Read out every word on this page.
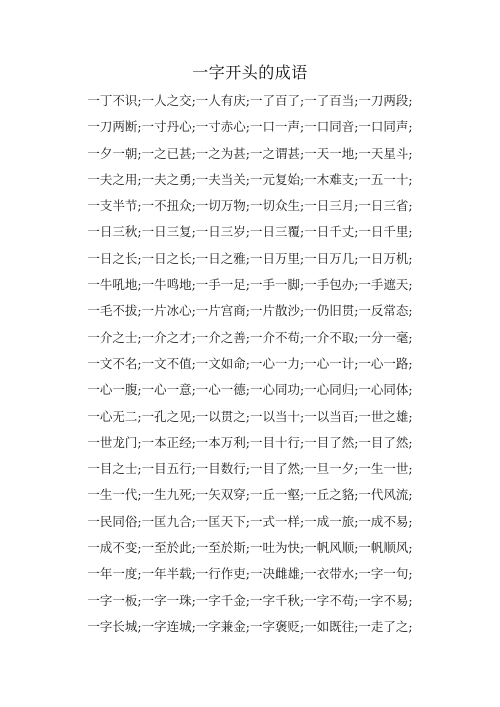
一字开头的成语
一丁不识;一人之交;一人有庆;一了百了;一了百当;一刀两段;
一刀两断;一寸丹心;一寸赤心;一口一声;一口同音;一口同声;
一夕一朝;一之已甚;一之为甚;一之谓甚;一天一地;一天星斗;
一夫之用;一夫之勇;一夫当关;一元复始;一木难支;一五一十;
一支半节;一不扭众;一切万物;一切众生;一日三月;一日三省;
一日三秋;一日三复;一日三岁;一日三覆;一日千丈;一日千里;
一日之长;一日之长;一日之雅;一日万里;一日万几;一日万机;
一牛吼地;一牛鸣地;一手一足;一手一脚;一手包办;一手遮天;
一毛不拔;一片冰心;一片宫商;一片散沙;一仍旧贯;一反常态;
一介之士;一介之才;一介之善;一介不苟;一介不取;一分一毫;
一文不名;一文不值;一文如命;一心一力;一心一计;一心一路;
一心一腹;一心一意;一心一德;一心同功;一心同归;一心同体;
一心无二;一孔之见;一以贯之;一以当十;一以当百;一世之雄;
一世龙门;一本正经;一本万利;一目十行;一目了然;一目了然;
一目之士;一目五行;一目数行;一目了然;一旦一夕;一生一世;
一生一代;一生九死;一矢双穿;一丘一壑;一丘之貉;一代风流;
一民同俗;一匡九合;一匡天下;一式一样;一成一旅;一成不易;
一成不变;一至於此;一至於斯;一吐为快;一帆风顺;一帆顺风;
一年一度;一年半载;一行作吏;一决雌雄;一衣带水;一字一句;
一字一板;一字一珠;一字千金;一字千秋;一字不苟;一字不易;
一字长城;一字连城;一字兼金;一字褒贬;一如既往;一走了之;
